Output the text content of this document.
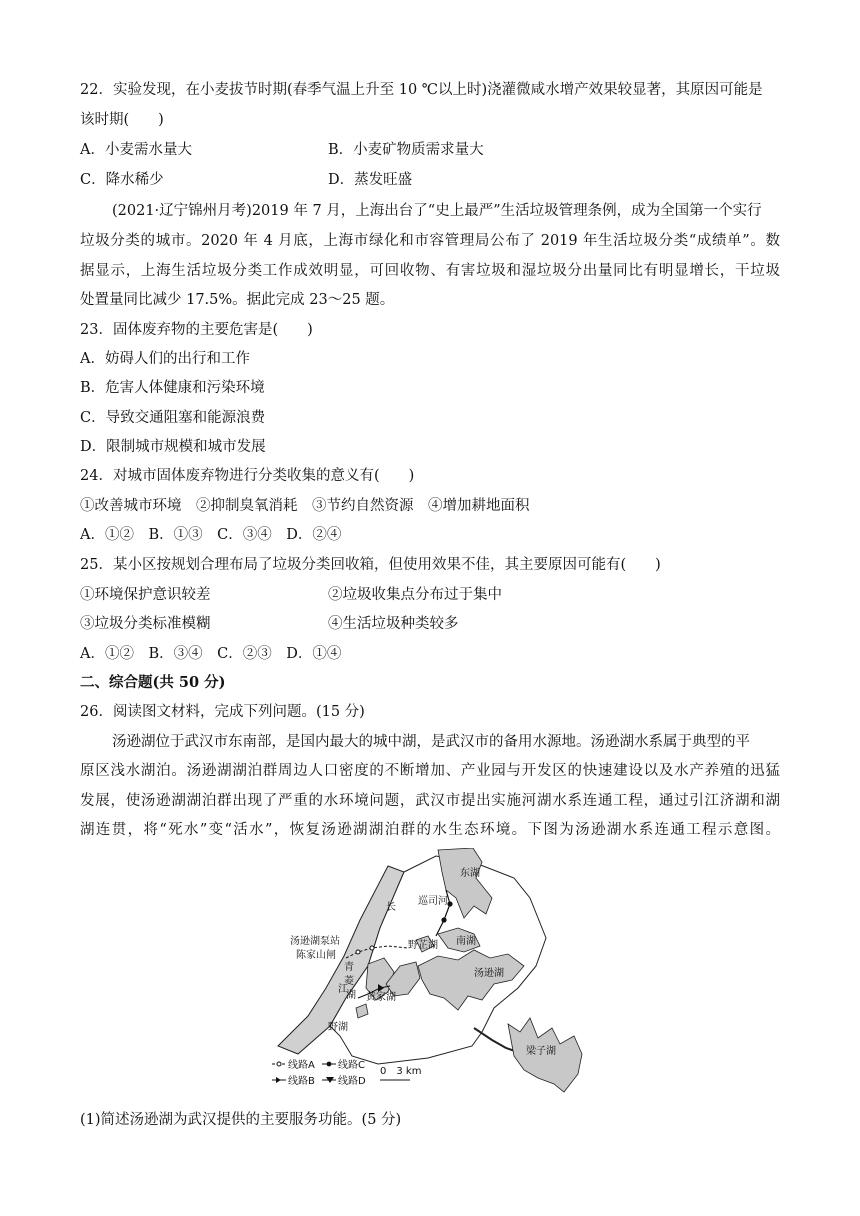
22．实验发现，在小麦拔节时期(春季气温上升至 10 ℃以上时)浇灌微咸水增产效果较显著，其原因可能是
该时期(　　)
A．小麦需水量大	B．小麦矿物质需求量大
C．降水稀少	D．蒸发旺盛
(2021·辽宁锦州月考)2019 年 7 月，上海出台了“史上最严”生活垃圾管理条例，成为全国第一个实行
垃圾分类的城市。2020 年 4 月底，上海市绿化和市容管理局公布了 2019 年生活垃圾分类“成绩单”。数
据显示，上海生活垃圾分类工作成效明显，可回收物、有害垃圾和湿垃圾分出量同比有明显增长，干垃圾
处置量同比减少 17.5%。据此完成 23～25 题。
23．固体废弃物的主要危害是(　　)
A．妨碍人们的出行和工作
B．危害人体健康和污染环境
C．导致交通阻塞和能源浪费
D．限制城市规模和城市发展
24．对城市固体废弃物进行分类收集的意义有(　　)
①改善城市环境　②抑制臭氧消耗　③节约自然资源　④增加耕地面积
A．①②　B．①③　C．③④　D．②④
25．某小区按规划合理布局了垃圾分类回收箱，但使用效果不佳，其主要原因可能有(　　)
①环境保护意识较差	②垃圾收集点分布过于集中
③垃圾分类标准模糊	④生活垃圾种类较多
A．①②　B．③④　C．②③　D．①④
二、综合题(共 50 分)
26．阅读图文材料，完成下列问题。(15 分)
汤逊湖位于武汉市东南部，是国内最大的城中湖，是武汉市的备用水源地。汤逊湖水系属于典型的平
原区浅水湖泊。汤逊湖湖泊群周边人口密度的不断增加、产业园与开发区的快速建设以及水产养殖的迅猛
发展，使汤逊湖湖泊群出现了严重的水环境问题，武汉市提出实施河湖水系连通工程，通过引江济湖和湖
湖连贯，将“死水”变“活水”，恢复汤逊湖湖泊群的水生态环境。下图为汤逊湖水系连通工程示意图。
东湖
巡司河
长
江
汤逊湖泵站
陈家山闸
青
菱
湖
野芷湖 南湖
汤逊湖
黄家湖
野湖
梁子湖
线路A 线路C
线路B 线路D
0　3 km
(1)简述汤逊湖为武汉提供的主要服务功能。(5 分)
